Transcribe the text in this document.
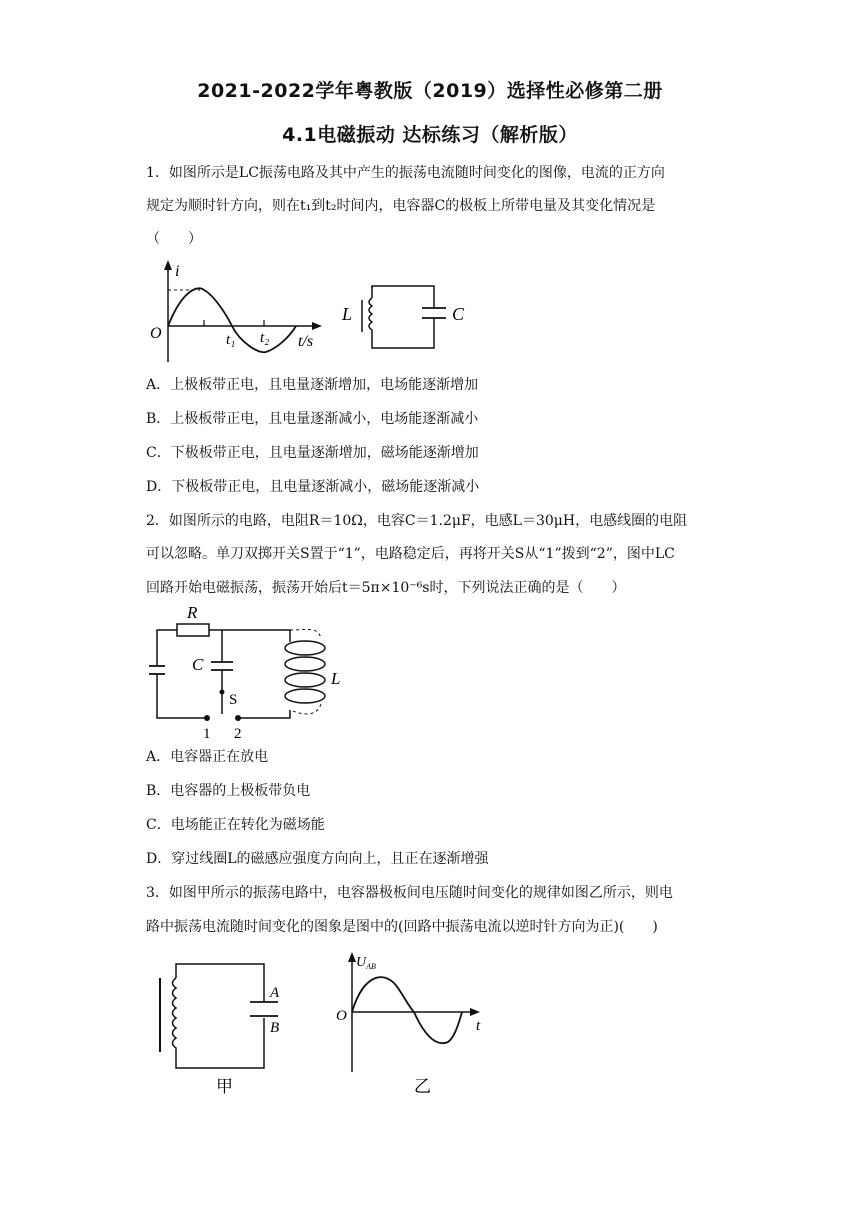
2021-2022学年粤教版（2019）选择性必修第二册
4.1电磁振动 达标练习（解析版）
1．如图所示是LC振荡电路及其中产生的振荡电流随时间变化的图像，电流的正方向
规定为顺时针方向，则在t₁到t₂时间内，电容器C的极板上所带电量及其变化情况是
（　　）
i
O	t₁ t₂ t/s
L	C
A．上极板带正电，且电量逐渐增加，电场能逐渐增加
B．上极板带正电，且电量逐渐减小，电场能逐渐减小
C．下极板带正电，且电量逐渐增加，磁场能逐渐增加
D．下极板带正电，且电量逐渐减小，磁场能逐渐减小
2．如图所示的电路，电阻R＝10Ω，电容C＝1.2μF，电感L＝30μH，电感线圈的电阻
可以忽略。单刀双掷开关S置于“1”，电路稳定后，再将开关S从“1”拨到“2”，图中LC
回路开始电磁振荡，振荡开始后t＝5π×10⁻⁶s时，下列说法正确的是（　　）
R
C
S
L
1 2
A．电容器正在放电
B．电容器的上极板带负电
C．电场能正在转化为磁场能
D．穿过线圈L的磁感应强度方向向上，且正在逐渐增强
3．如图甲所示的振荡电路中，电容器极板间电压随时间变化的规律如图乙所示，则电
路中振荡电流随时间变化的图象是图中的(回路中振荡电流以逆时针方向为正)(　　)
A
B
甲
$U_{AB}$
O
t
乙
